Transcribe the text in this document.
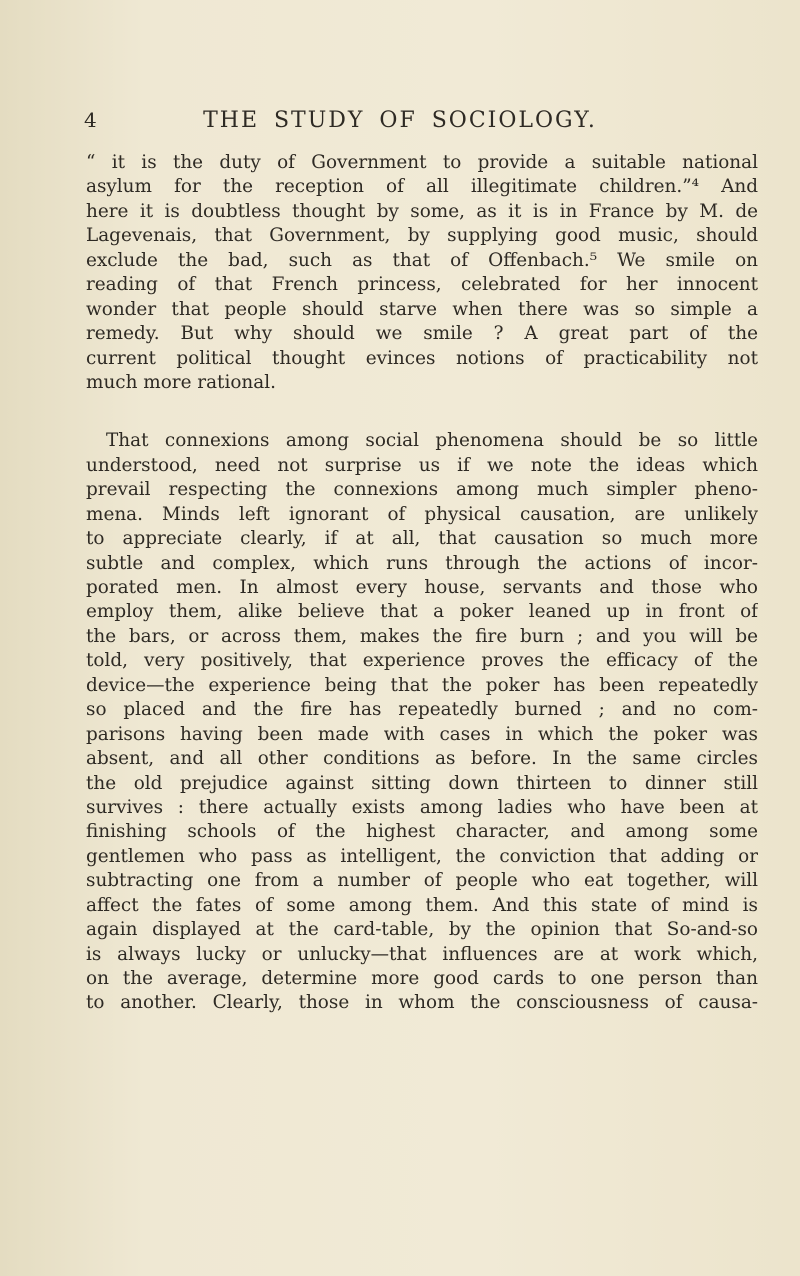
4	THE STUDY OF SOCIOLOGY.

“ it is the duty of Government to provide a suitable national
asylum for the reception of all illegitimate children.”⁴ And
here it is doubtless thought by some, as it is in France by M. de
Lagevenais, that Government, by supplying good music, should
exclude the bad, such as that of Offenbach.⁵ We smile on
reading of that French princess, celebrated for her innocent
wonder that people should starve when there was so simple a
remedy. But why should we smile ? A great part of the
current political thought evinces notions of practicability not
much more rational.

That connexions among social phenomena should be so little
understood, need not surprise us if we note the ideas which
prevail respecting the connexions among much simpler pheno-
mena. Minds left ignorant of physical causation, are unlikely
to appreciate clearly, if at all, that causation so much more
subtle and complex, which runs through the actions of incor-
porated men. In almost every house, servants and those who
employ them, alike believe that a poker leaned up in front of
the bars, or across them, makes the fire burn ; and you will be
told, very positively, that experience proves the efficacy of the
device—the experience being that the poker has been repeatedly
so placed and the fire has repeatedly burned ; and no com-
parisons having been made with cases in which the poker was
absent, and all other conditions as before. In the same circles
the old prejudice against sitting down thirteen to dinner still
survives : there actually exists among ladies who have been at
finishing schools of the highest character, and among some
gentlemen who pass as intelligent, the conviction that adding or
subtracting one from a number of people who eat together, will
affect the fates of some among them. And this state of mind is
again displayed at the card-table, by the opinion that So-and-so
is always lucky or unlucky—that influences are at work which,
on the average, determine more good cards to one person than
to another. Clearly, those in whom the consciousness of causa-
